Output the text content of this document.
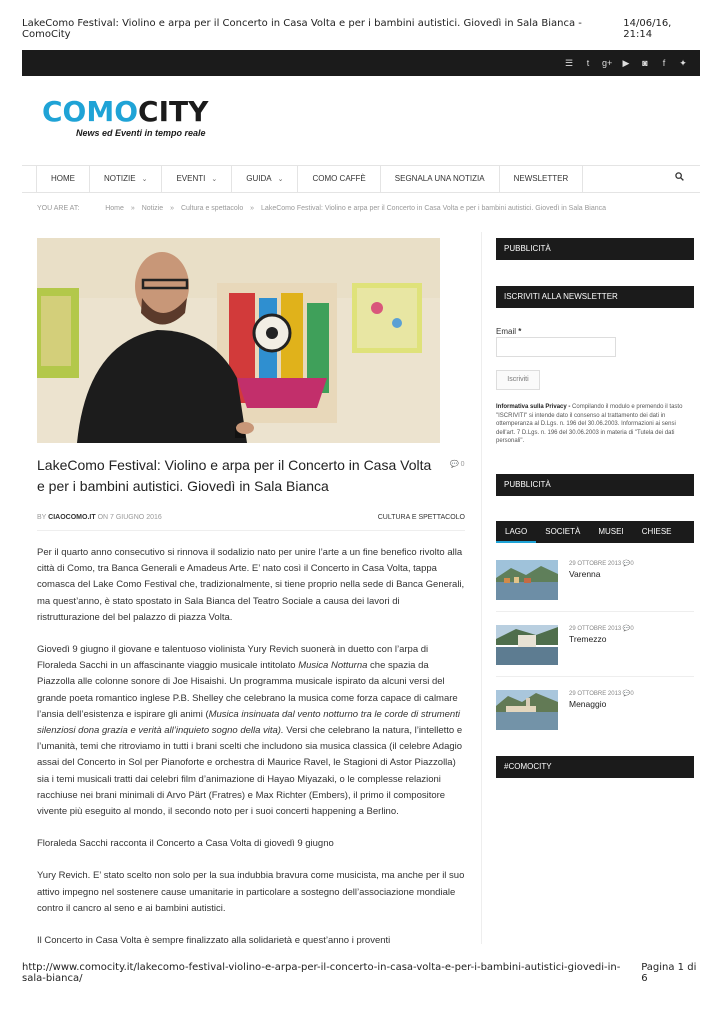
LakeComo Festival: Violino e arpa per il Concerto in Casa Volta e per i bambini autistici. Giovedì in Sala Bianca - ComoCity
14/06/16, 21:14
☰	t	g+ ▶ ◙	f	✦
COMOCITY
News ed Eventi in tempo reale
HOME	NOTIZIE ⌄	EVENTI ⌄	GUIDA ⌄	COMO CAFFÈ	SEGNALA UNA NOTIZIA	NEWSLETTER
YOU ARE AT:	Home » Notizie » Cultura e spettacolo » LakeComo Festival: Violino e arpa per il Concerto in Casa Volta e per i bambini autistici. Giovedì in Sala Bianca
LakeComo Festival: Violino e arpa per il Concerto in Casa Volta e per i bambini autistici. Giovedì in Sala Bianca
💬 0
BY CIAOCOMO.IT ON 7 GIUGNO 2016	CULTURA E SPETTACOLO

Per il quarto anno consecutivo si rinnova il sodalizio nato per unire l’arte a un fine benefico rivolto alla città di Como, tra Banca Generali e Amadeus Arte. E’ nato così il Concerto in Casa Volta, tappa comasca del Lake Como Festival che, tradizionalmente, si tiene proprio nella sede di Banca Generali, ma quest’anno, è stato spostato in Sala Bianca del Teatro Sociale a causa dei lavori di ristrutturazione del bel palazzo di piazza Volta.

Giovedì 9 giugno il giovane e talentuoso violinista Yury Revich suonerà in duetto con l’arpa di Floraleda Sacchi in un affascinante viaggio musicale intitolato Musica Notturna che spazia da Piazzolla alle colonne sonore di Joe Hisaishi. Un programma musicale ispirato da alcuni versi del grande poeta romantico inglese P.B. Shelley che celebrano la musica come forza capace di calmare l’ansia dell’esistenza e ispirare gli animi (Musica insinuata dal vento notturno tra le corde di strumenti silenziosi dona grazia e verità all’inquieto sogno della vita). Versi che celebrano la natura, l’intelletto e l’umanità, temi che ritroviamo in tutti i brani scelti che includono sia musica classica (il celebre Adagio assai del Concerto in Sol per Pianoforte e orchestra di Maurice Ravel, le Stagioni di Astor Piazzolla) sia i temi musicali tratti dai celebri film d’animazione di Hayao Miyazaki, o le complesse relazioni racchiuse nei brani minimali di Arvo Pärt (Fratres) e Max Richter (Embers), il primo il compositore vivente più eseguito al mondo, il secondo noto per i suoi concerti happening a Berlino.

Floraleda Sacchi racconta il Concerto a Casa Volta di giovedì 9 giugno

Yury Revich. E’ stato scelto non solo per la sua indubbia bravura come musicista, ma anche per il suo attivo impegno nel sostenere cause umanitarie in particolare a sostegno dell’associazione mondiale contro il cancro al seno e ai bambini autistici.

Il Concerto in Casa Volta è sempre finalizzato alla solidarietà e quest’anno i proventi

PUBBLICITÀ
ISCRIVITI ALLA NEWSLETTER
Email *
Iscriviti
Informativa sulla Privacy - Compilando il modulo e premendo il tasto "ISCRIVITI" si intende dato il consenso al trattamento dei dati in ottemperanza al D.Lgs. n. 196 del 30.06.2003. Informazioni ai sensi dell'art. 7 D.Lgs. n. 196 del 30.06.2003 in materia di "Tutela dei dati personali".
PUBBLICITÀ
LAGO	SOCIETÀ	MUSEI	CHIESE
29 OTTOBRE 2013 💬0
Varenna
29 OTTOBRE 2013 💬0
Tremezzo
29 OTTOBRE 2013 💬0
Menaggio
#COMOCITY
http://www.comocity.it/lakecomo-festival-violino-e-arpa-per-il-concerto-in-casa-volta-e-per-i-bambini-autistici-giovedi-in-sala-bianca/
Pagina 1 di 6
